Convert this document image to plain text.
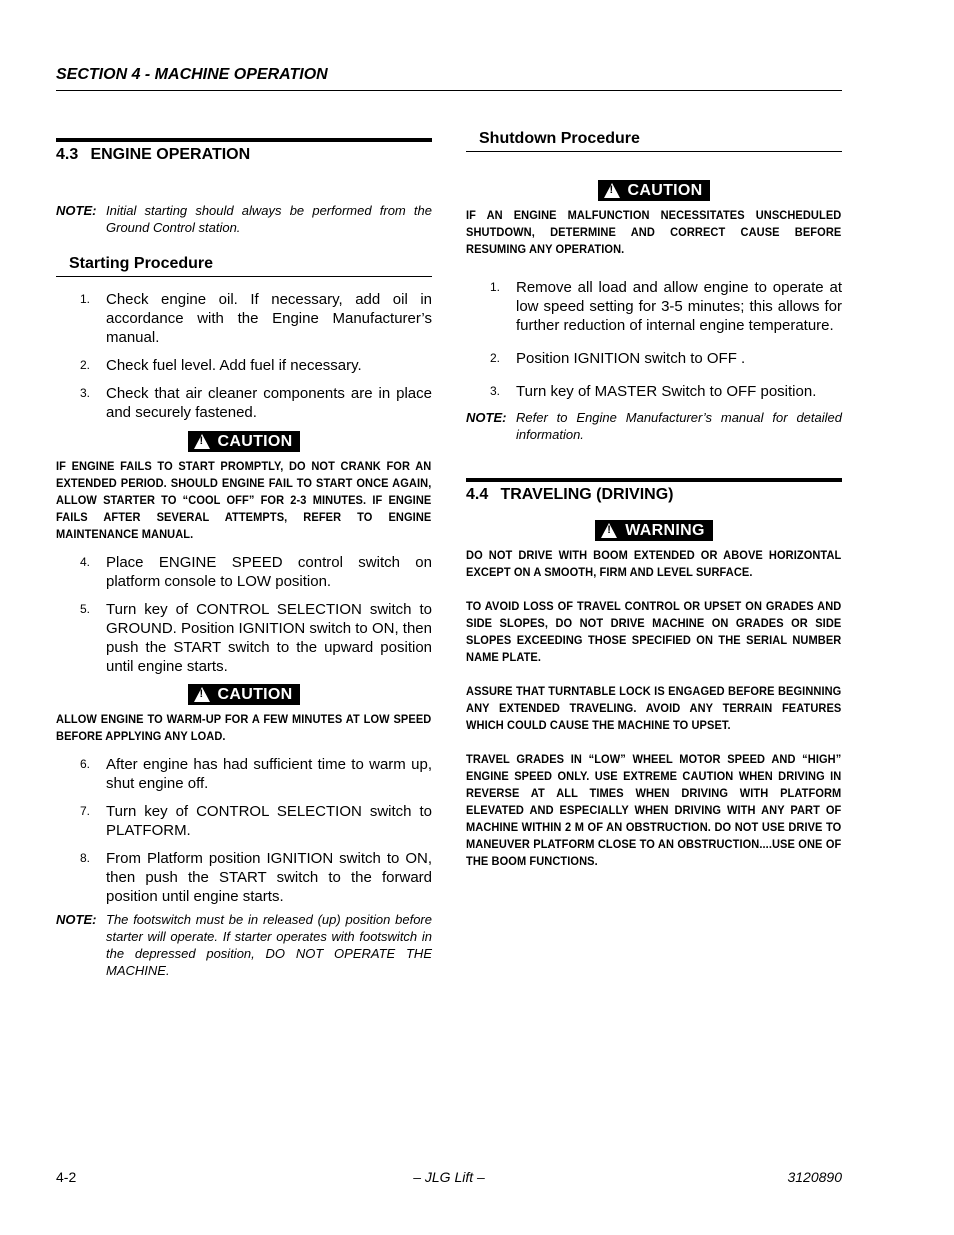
SECTION 4 - MACHINE OPERATION
4.3 ENGINE OPERATION
NOTE: Initial starting should always be performed from the Ground Control station.
Starting Procedure
1.	Check engine oil. If necessary, add oil in accordance with the Engine Manufacturer’s manual.
2.	Check fuel level. Add fuel if necessary.
3.	Check that air cleaner components are in place and securely fastened.
!
CAUTION
IF ENGINE FAILS TO START PROMPTLY, DO NOT CRANK FOR AN EXTENDED PERIOD. SHOULD ENGINE FAIL TO START ONCE AGAIN, ALLOW STARTER TO “COOL OFF” FOR 2-3 MINUTES. IF ENGINE FAILS AFTER SEVERAL ATTEMPTS, REFER TO ENGINE MAINTENANCE MANUAL.
4.	Place ENGINE SPEED control switch on platform console to LOW position.
5.	Turn key of CONTROL SELECTION switch to GROUND. Position IGNITION switch to ON, then push the START switch to the upward position until engine starts.
!
CAUTION
ALLOW ENGINE TO WARM-UP FOR A FEW MINUTES AT LOW SPEED BEFORE APPLYING ANY LOAD.
6.	After engine has had sufficient time to warm up, shut engine off.
7.	Turn key of CONTROL SELECTION switch to PLATFORM.
8.	From Platform position IGNITION switch to ON, then push the START switch to the forward position until engine starts.
NOTE: The footswitch must be in released (up) position before starter will operate. If starter operates with footswitch in the depressed position, DO NOT OPERATE THE MACHINE.
Shutdown Procedure
!
CAUTION
IF AN ENGINE MALFUNCTION NECESSITATES UNSCHEDULED SHUTDOWN, DETERMINE AND CORRECT CAUSE BEFORE RESUMING ANY OPERATION.
1.	Remove all load and allow engine to operate at low speed setting for 3-5 minutes; this allows for further reduction of internal engine temperature.
2.	Position IGNITION switch to OFF .
3.	Turn key of MASTER Switch to OFF position.
NOTE: Refer to Engine Manufacturer’s manual for detailed information.
4.4 TRAVELING (DRIVING)
!
WARNING
DO NOT DRIVE WITH BOOM EXTENDED OR ABOVE HORIZONTAL EXCEPT ON A SMOOTH, FIRM AND LEVEL SURFACE.
TO AVOID LOSS OF TRAVEL CONTROL OR UPSET ON GRADES AND SIDE SLOPES, DO NOT DRIVE MACHINE ON GRADES OR SIDE SLOPES EXCEEDING THOSE SPECIFIED ON THE SERIAL NUMBER NAME PLATE.
ASSURE THAT TURNTABLE LOCK IS ENGAGED BEFORE BEGINNING ANY EXTENDED TRAVELING. AVOID ANY TERRAIN FEATURES WHICH COULD CAUSE THE MACHINE TO UPSET.
TRAVEL GRADES IN “LOW” WHEEL MOTOR SPEED AND “HIGH” ENGINE SPEED ONLY. USE EXTREME CAUTION WHEN DRIVING IN REVERSE AT ALL TIMES WHEN DRIVING WITH PLATFORM ELEVATED AND ESPECIALLY WHEN DRIVING WITH ANY PART OF MACHINE WITHIN 2 M OF AN OBSTRUCTION. DO NOT USE DRIVE TO MANEUVER PLATFORM CLOSE TO AN OBSTRUCTION....USE ONE OF THE BOOM FUNCTIONS.
4-2	– JLG Lift –	3120890
